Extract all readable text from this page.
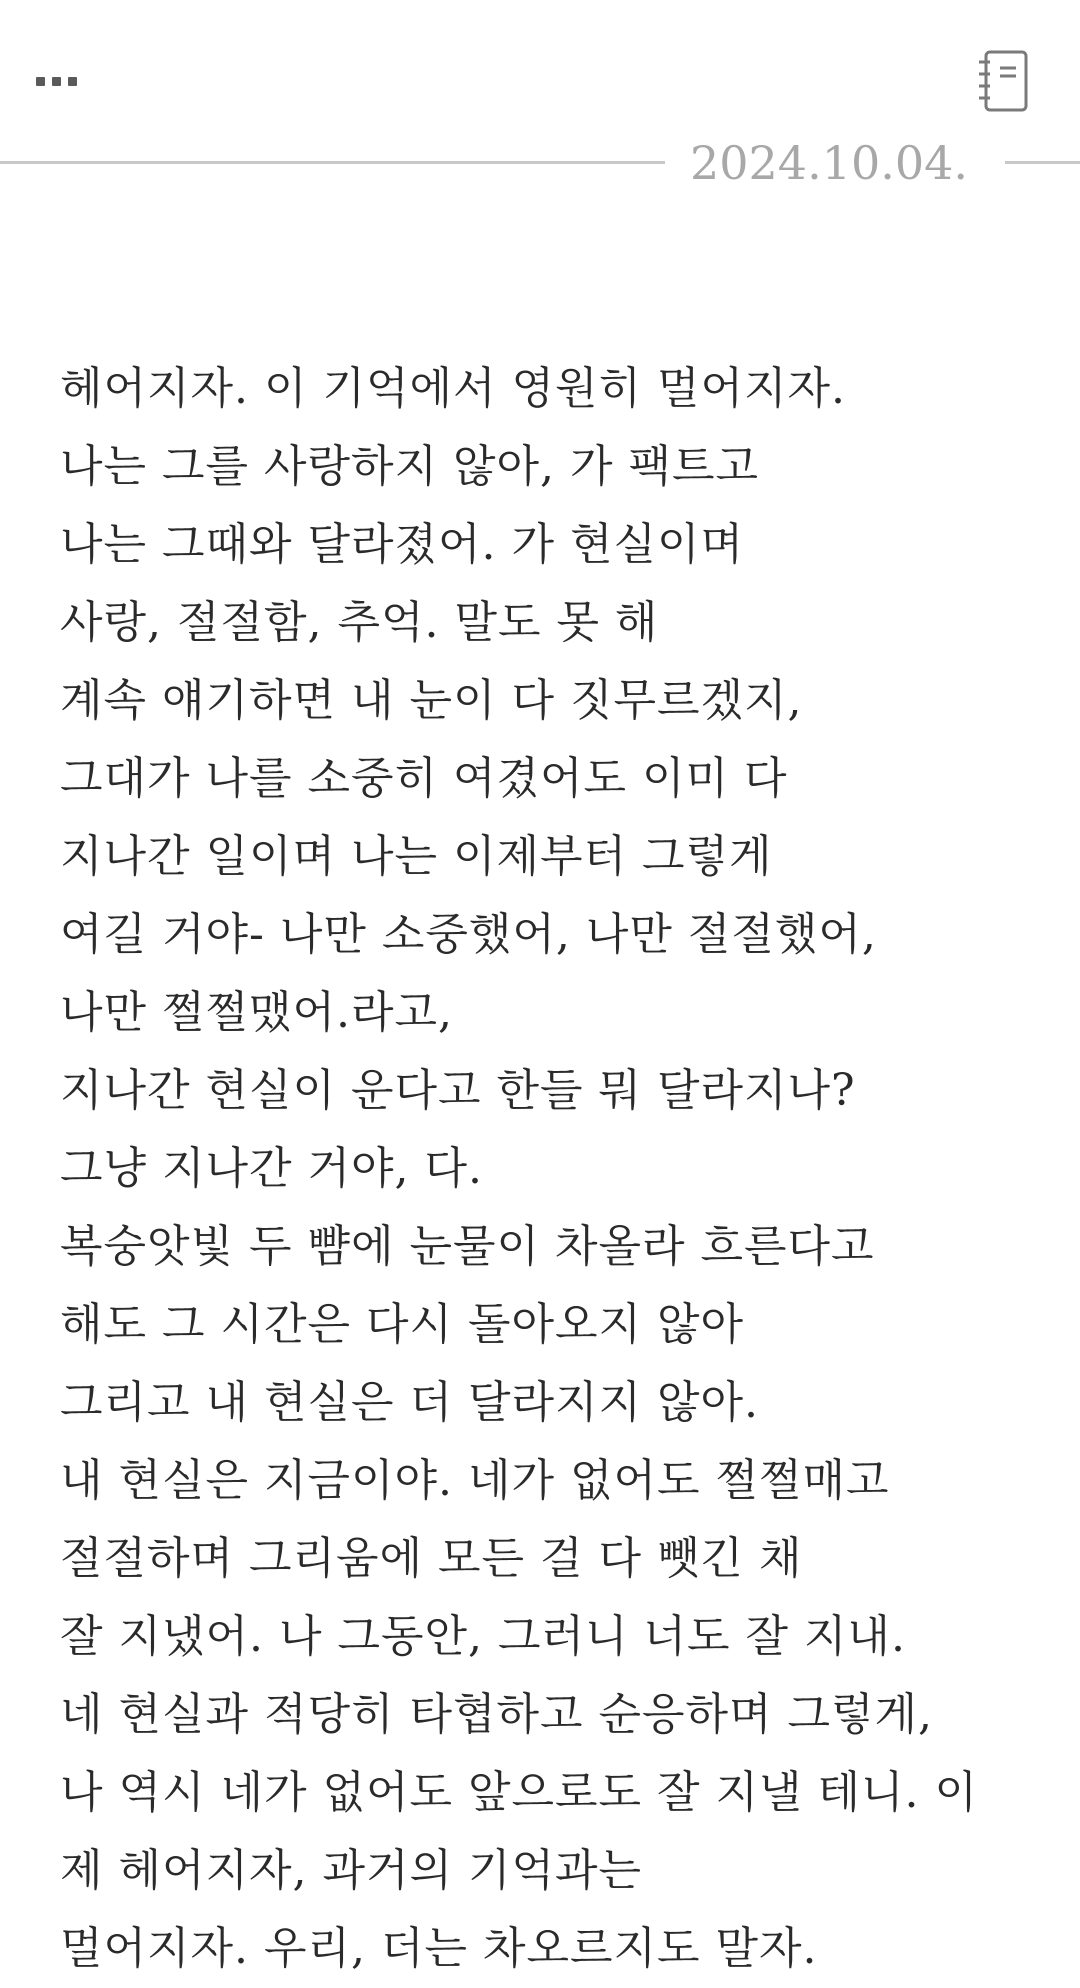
2024.10.04.
헤어지자. 이 기억에서 영원히 멀어지자.
나는 그를 사랑하지 않아, 가 팩트고
나는 그때와 달라졌어. 가 현실이며
사랑, 절절함, 추억. 말도 못 해
계속 얘기하면 내 눈이 다 짓무르겠지,
그대가 나를 소중히 여겼어도 이미 다
지나간 일이며 나는 이제부터 그렇게
여길 거야- 나만 소중했어, 나만 절절했어,
나만 쩔쩔맸어.라고,
지나간 현실이 운다고 한들 뭐 달라지나?
그냥 지나간 거야, 다.
복숭앗빛 두 뺨에 눈물이 차올라 흐른다고
해도 그 시간은 다시 돌아오지 않아
그리고 내 현실은 더 달라지지 않아.
내 현실은 지금이야. 네가 없어도 쩔쩔매고
절절하며 그리움에 모든 걸 다 뺏긴 채
잘 지냈어. 나 그동안, 그러니 너도 잘 지내.
네 현실과 적당히 타협하고 순응하며 그렇게,
나 역시 네가 없어도 앞으로도 잘 지낼 테니. 이
제 헤어지자, 과거의 기억과는
멀어지자. 우리, 더는 차오르지도 말자.
